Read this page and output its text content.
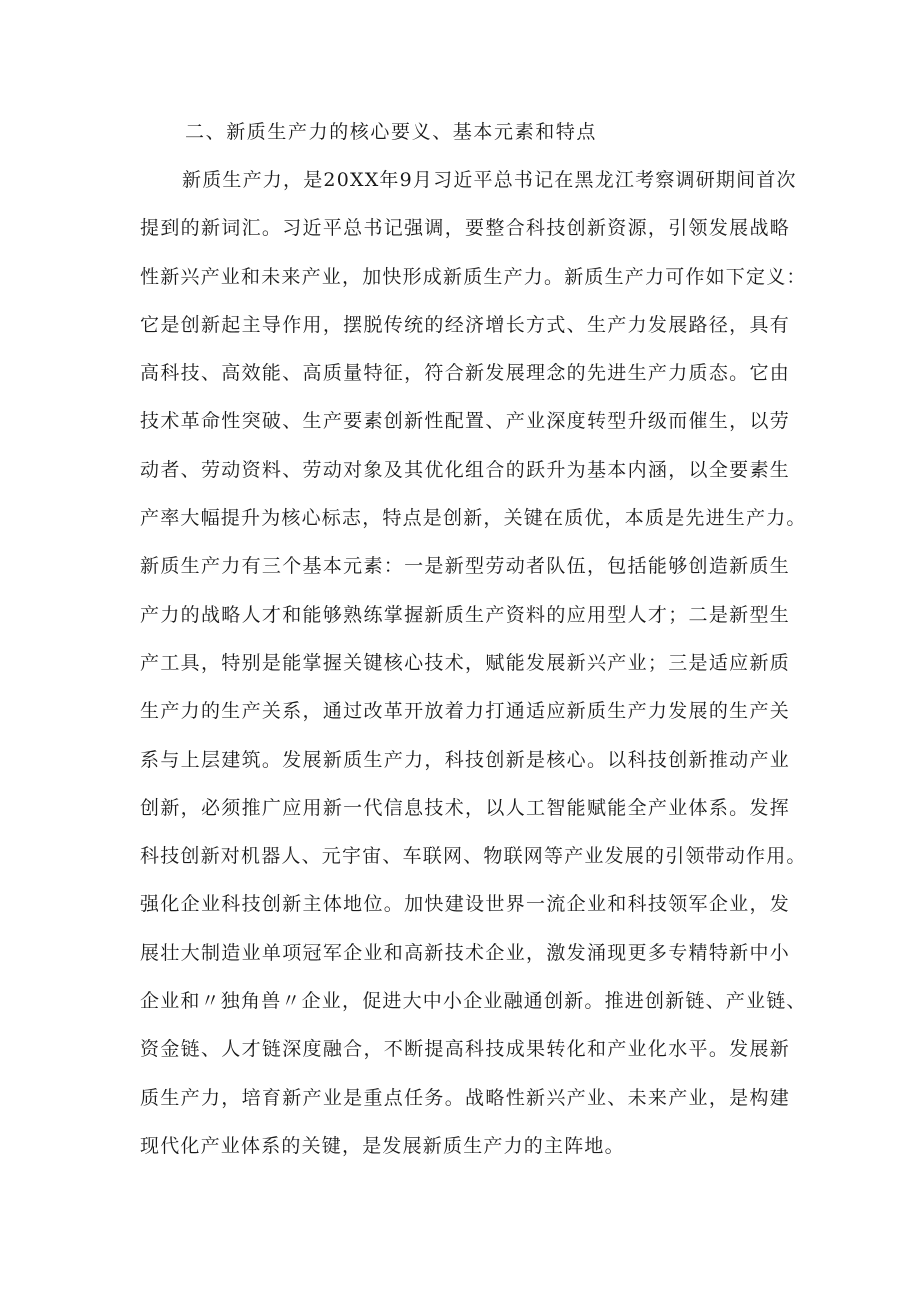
二、新质生产力的核心要义、基本元素和特点
新质生产力，是20XX年9月习近平总书记在黑龙江考察调研期间首次
提到的新词汇。习近平总书记强调，要整合科技创新资源，引领发展战略
性新兴产业和未来产业，加快形成新质生产力。新质生产力可作如下定义：
它是创新起主导作用，摆脱传统的经济增长方式、生产力发展路径，具有
高科技、高效能、高质量特征，符合新发展理念的先进生产力质态。它由
技术革命性突破、生产要素创新性配置、产业深度转型升级而催生，以劳
动者、劳动资料、劳动对象及其优化组合的跃升为基本内涵，以全要素生
产率大幅提升为核心标志，特点是创新，关键在质优，本质是先进生产力。
新质生产力有三个基本元素：一是新型劳动者队伍，包括能够创造新质生
产力的战略人才和能够熟练掌握新质生产资料的应用型人才；二是新型生
产工具，特别是能掌握关键核心技术，赋能发展新兴产业；三是适应新质
生产力的生产关系，通过改革开放着力打通适应新质生产力发展的生产关
系与上层建筑。发展新质生产力，科技创新是核心。以科技创新推动产业
创新，必须推广应用新一代信息技术，以人工智能赋能全产业体系。发挥
科技创新对机器人、元宇宙、车联网、物联网等产业发展的引领带动作用。
强化企业科技创新主体地位。加快建设世界一流企业和科技领军企业，发
展壮大制造业单项冠军企业和高新技术企业，激发涌现更多专精特新中小
企业和〃独角兽〃企业，促进大中小企业融通创新。推进创新链、产业链、
资金链、人才链深度融合，不断提高科技成果转化和产业化水平。发展新
质生产力，培育新产业是重点任务。战略性新兴产业、未来产业，是构建
现代化产业体系的关键，是发展新质生产力的主阵地。
